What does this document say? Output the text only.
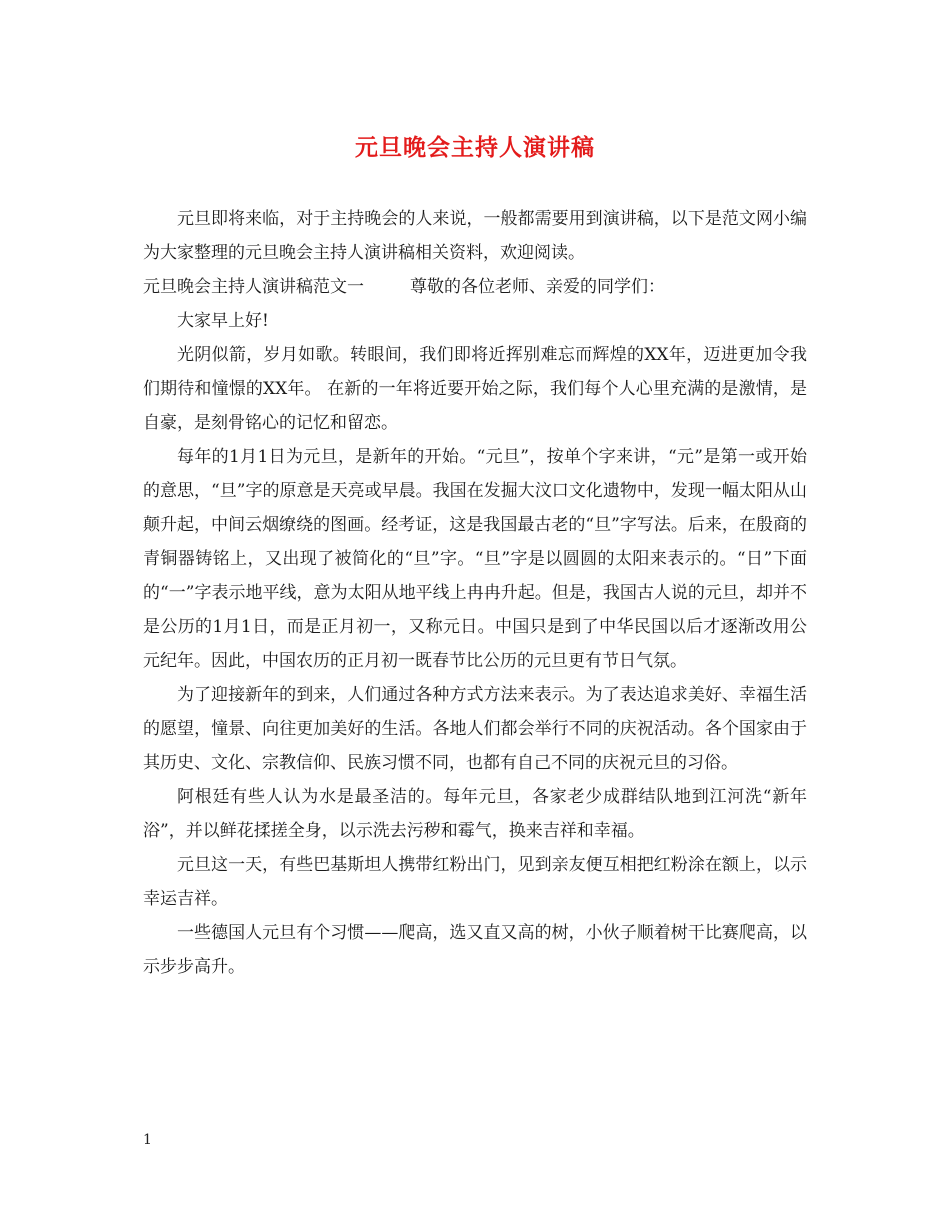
元旦晚会主持人演讲稿

元旦即将来临，对于主持晚会的人来说，一般都需要用到演讲稿，以下是范文网小编为大家整理的元旦晚会主持人演讲稿相关资料，欢迎阅读。

元旦晚会主持人演讲稿范文一	尊敬的各位老师、亲爱的同学们：

大家早上好!

光阴似箭，岁月如歌。转眼间，我们即将近挥别难忘而辉煌的XX年，迈进更加令我们期待和憧憬的XX年。 在新的一年将近要开始之际，我们每个人心里充满的是激情，是自豪，是刻骨铭心的记忆和留恋。

每年的1月1日为元旦，是新年的开始。“元旦”，按单个字来讲，“元”是第一或开始的意思，“旦”字的原意是天亮或早晨。我国在发掘大汶口文化遗物中，发现一幅太阳从山颠升起，中间云烟缭绕的图画。经考证，这是我国最古老的“旦”字写法。后来，在殷商的青铜器铸铭上，又出现了被简化的“旦”字。“旦”字是以圆圆的太阳来表示的。“日”下面的“一”字表示地平线，意为太阳从地平线上冉冉升起。但是，我国古人说的元旦，却并不是公历的1月1日，而是正月初一，又称元日。中国只是到了中华民国以后才逐渐改用公元纪年。因此，中国农历的正月初一既春节比公历的元旦更有节日气氛。

为了迎接新年的到来，人们通过各种方式方法来表示。为了表达追求美好、幸福生活的愿望，憧景、向往更加美好的生活。各地人们都会举行不同的庆祝活动。各个国家由于其历史、文化、宗教信仰、民族习惯不同，也都有自己不同的庆祝元旦的习俗。

阿根廷有些人认为水是最圣洁的。每年元旦，各家老少成群结队地到江河洗“新年浴”，并以鲜花揉搓全身，以示洗去污秽和霉气，换来吉祥和幸福。

元旦这一天，有些巴基斯坦人携带红粉出门，见到亲友便互相把红粉涂在额上，以示幸运吉祥。

一些德国人元旦有个习惯——爬高，选又直又高的树，小伙子顺着树干比赛爬高，以示步步高升。

1
